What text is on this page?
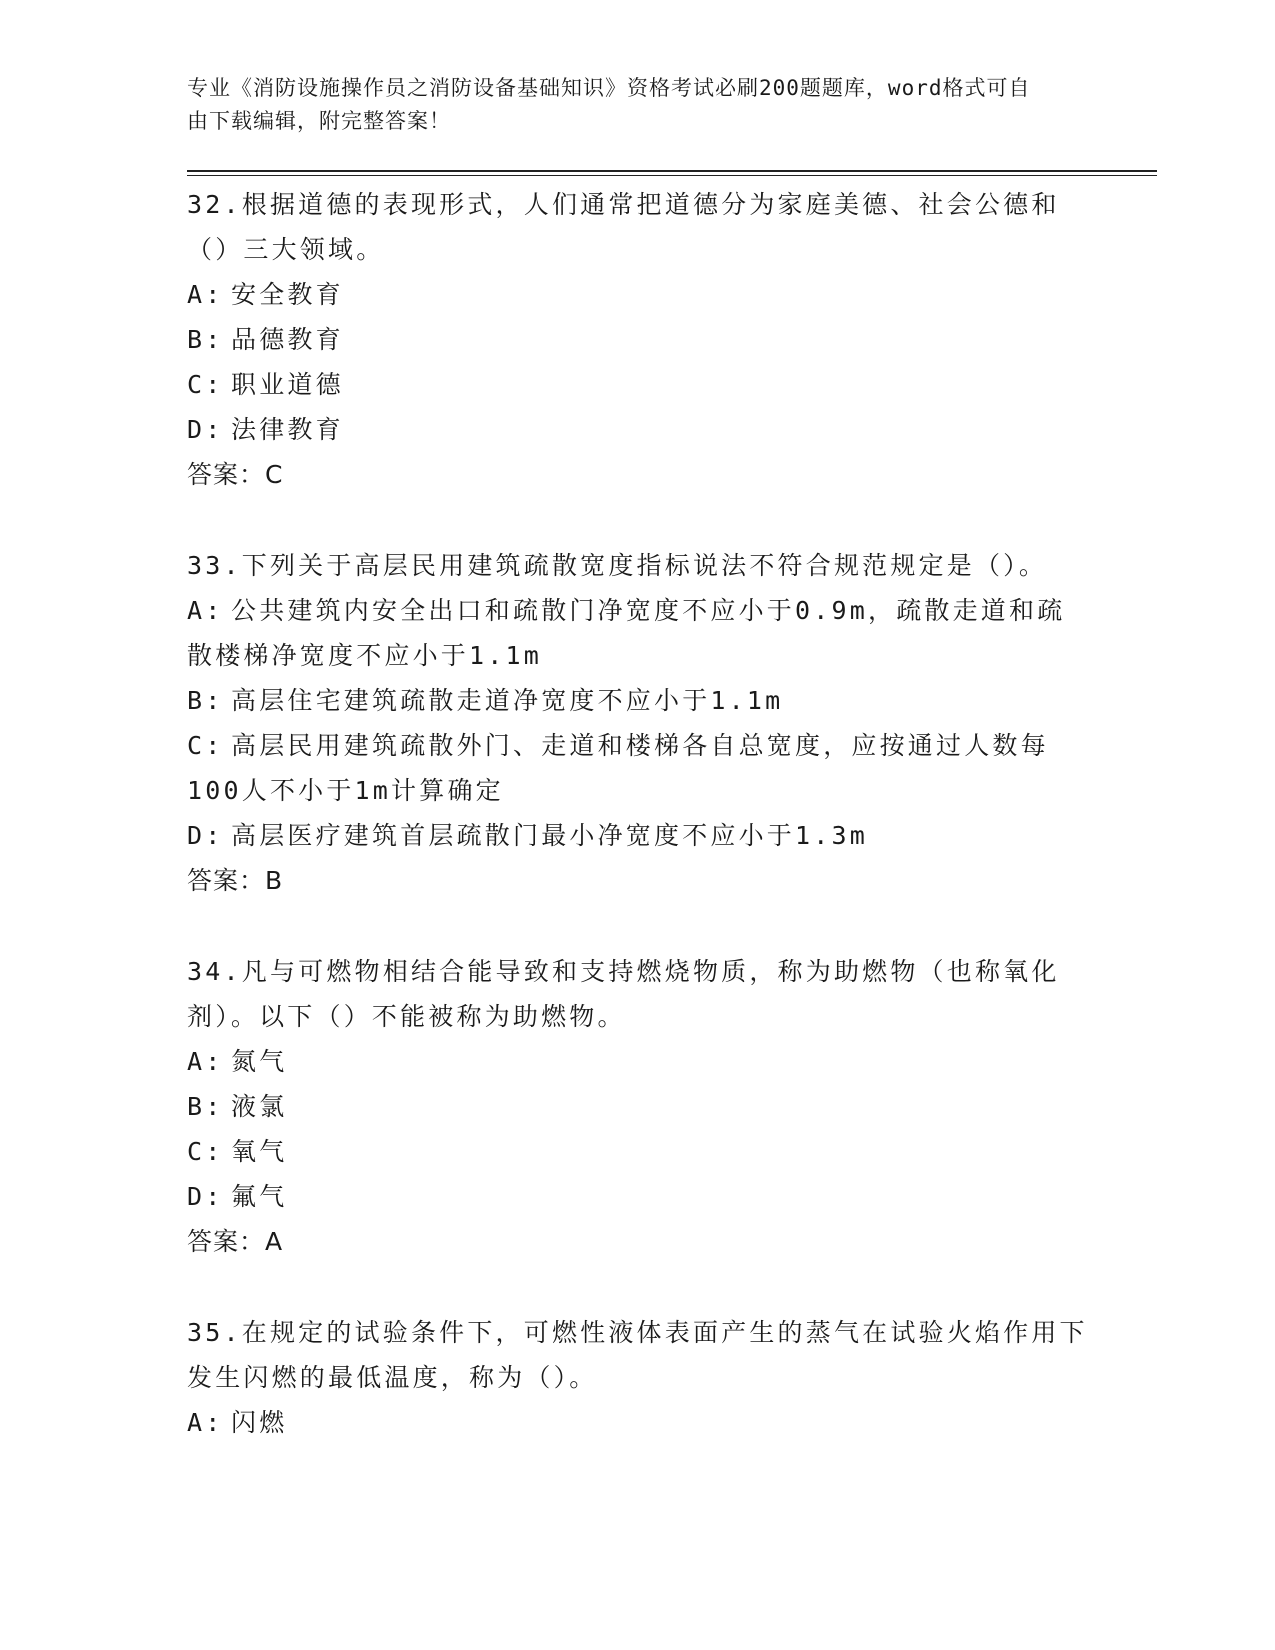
专业《消防设施操作员之消防设备基础知识》资格考试必刷200题题库，word格式可自由下载编辑，附完整答案！

32.根据道德的表现形式，人们通常把道德分为家庭美德、社会公德和（）三大领域。

A: 安全教育

B: 品德教育

C: 职业道德

D: 法律教育

答案：C

33.下列关于高层民用建筑疏散宽度指标说法不符合规范规定是（）。

A: 公共建筑内安全出口和疏散门净宽度不应小于0.9m，疏散走道和疏散楼梯净宽度不应小于1.1m

B: 高层住宅建筑疏散走道净宽度不应小于1.1m

C: 高层民用建筑疏散外门、走道和楼梯各自总宽度，应按通过人数每100人不小于1m计算确定

D: 高层医疗建筑首层疏散门最小净宽度不应小于1.3m

答案：B

34.凡与可燃物相结合能导致和支持燃烧物质，称为助燃物（也称氧化剂）。以下（）不能被称为助燃物。

A: 氮气

B: 液氯

C: 氧气

D: 氟气

答案：A

35.在规定的试验条件下，可燃性液体表面产生的蒸气在试验火焰作用下发生闪燃的最低温度，称为（）。

A: 闪燃
